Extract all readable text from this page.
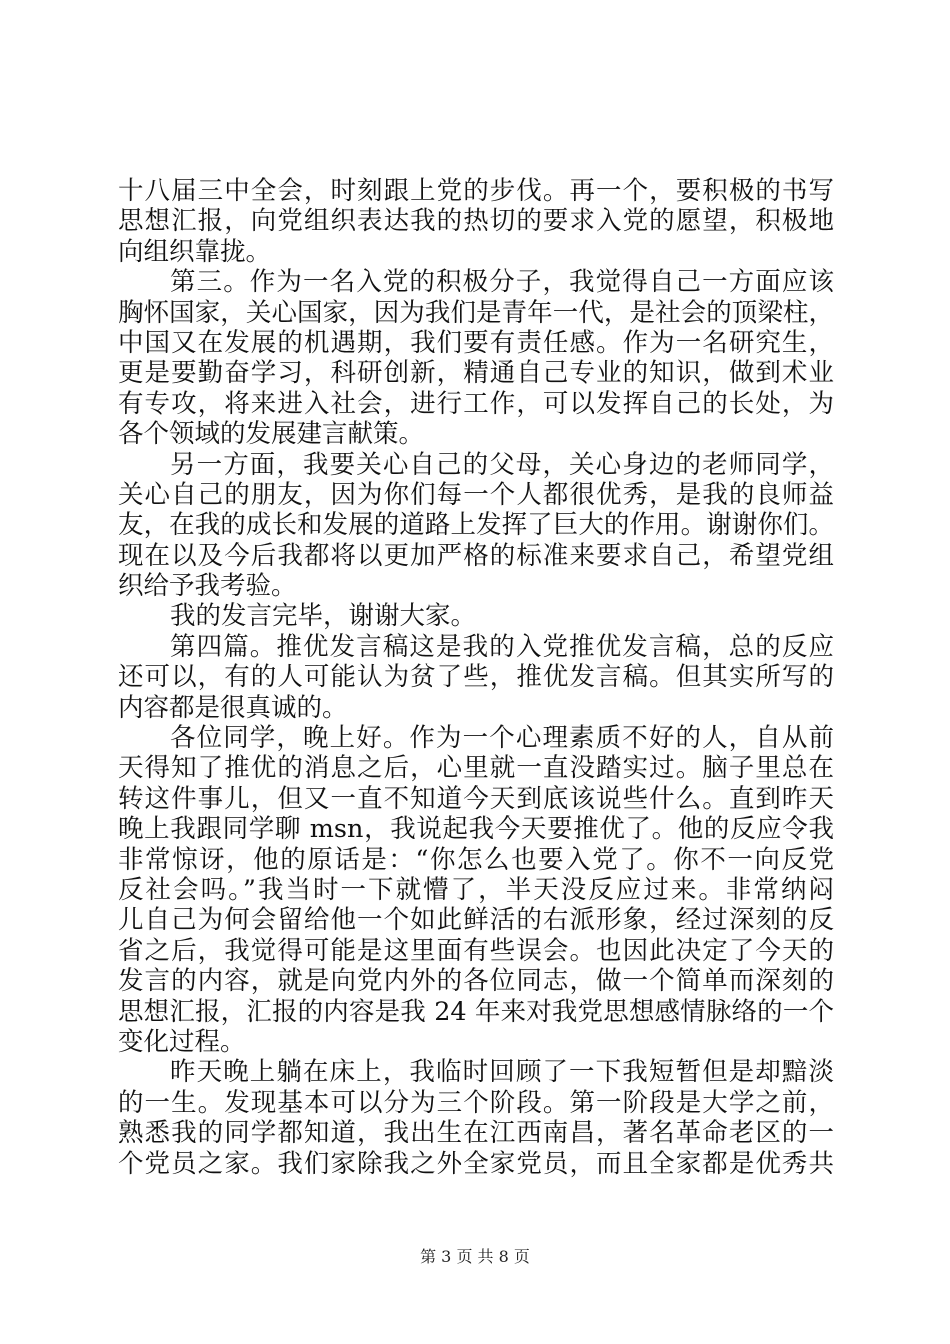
十八届三中全会，时刻跟上党的步伐。再一个，要积极的书写
思想汇报，向党组织表达我的热切的要求入党的愿望，积极地
向组织靠拢。
第三。作为一名入党的积极分子，我觉得自己一方面应该
胸怀国家，关心国家，因为我们是青年一代，是社会的顶梁柱，
中国又在发展的机遇期，我们要有责任感。作为一名研究生，
更是要勤奋学习，科研创新，精通自己专业的知识，做到术业
有专攻，将来进入社会，进行工作，可以发挥自己的长处，为
各个领域的发展建言献策。
另一方面，我要关心自己的父母，关心身边的老师同学，
关心自己的朋友，因为你们每一个人都很优秀，是我的良师益
友，在我的成长和发展的道路上发挥了巨大的作用。谢谢你们。
现在以及今后我都将以更加严格的标准来要求自己，希望党组
织给予我考验。
我的发言完毕，谢谢大家。
第四篇。推优发言稿这是我的入党推优发言稿，总的反应
还可以，有的人可能认为贫了些，推优发言稿。但其实所写的
内容都是很真诚的。
各位同学，晚上好。作为一个心理素质不好的人，自从前
天得知了推优的消息之后，心里就一直没踏实过。脑子里总在
转这件事儿，但又一直不知道今天到底该说些什么。直到昨天
晚上我跟同学聊 msn，我说起我今天要推优了。他的反应令我
非常惊讶，他的原话是：“你怎么也要入党了。你不一向反党
反社会吗。”我当时一下就懵了，半天没反应过来。非常纳闷
儿自己为何会留给他一个如此鲜活的右派形象，经过深刻的反
省之后，我觉得可能是这里面有些误会。也因此决定了今天的
发言的内容，就是向党内外的各位同志，做一个简单而深刻的
思想汇报，汇报的内容是我 24 年来对我党思想感情脉络的一个
变化过程。
昨天晚上躺在床上，我临时回顾了一下我短暂但是却黯淡
的一生。发现基本可以分为三个阶段。第一阶段是大学之前，
熟悉我的同学都知道，我出生在江西南昌，著名革命老区的一
个党员之家。我们家除我之外全家党员，而且全家都是优秀共
第 3 页 共 8 页
